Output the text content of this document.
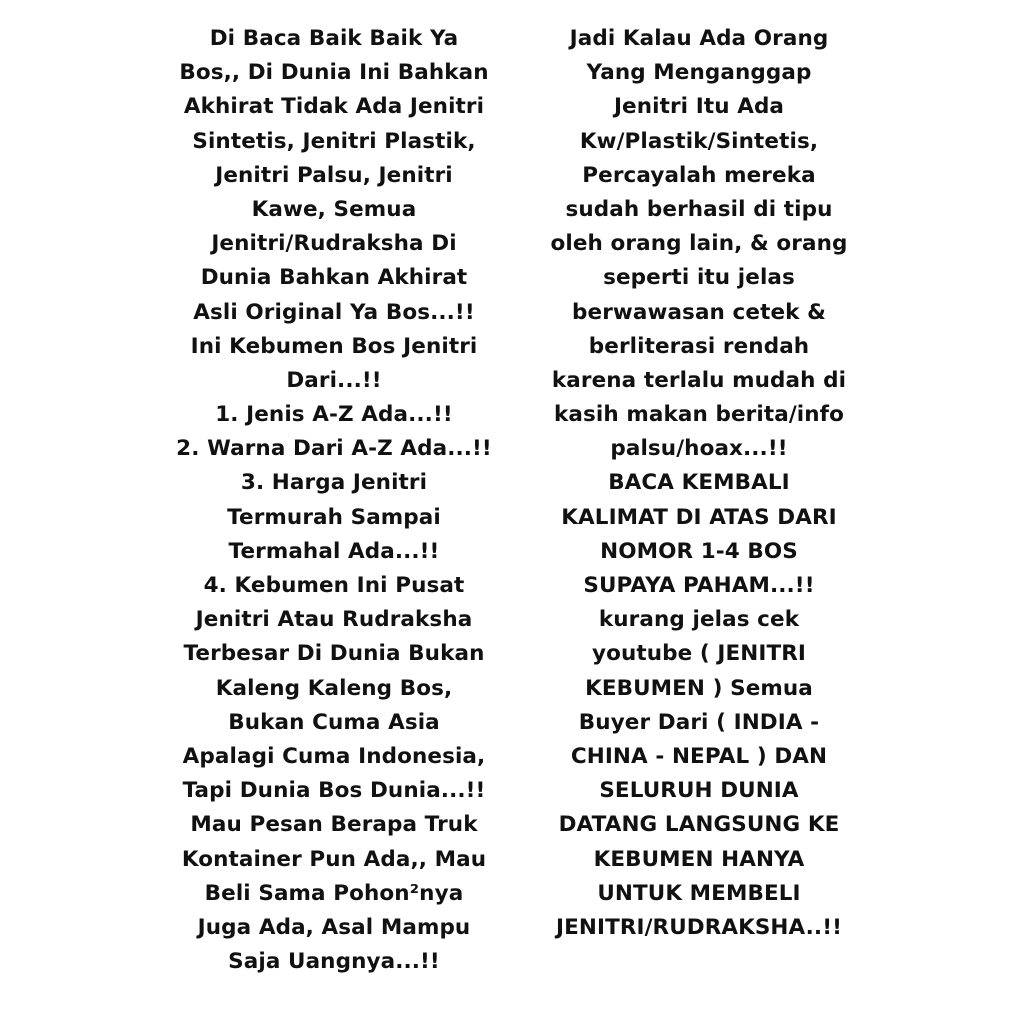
Di Baca Baik Baik Ya
Bos,, Di Dunia Ini Bahkan
Akhirat Tidak Ada Jenitri
Sintetis, Jenitri Plastik,
Jenitri Palsu, Jenitri
Kawe, Semua
Jenitri/Rudraksha Di
Dunia Bahkan Akhirat
Asli Original Ya Bos...!!
Ini Kebumen Bos Jenitri
Dari...!!
1. Jenis A-Z Ada...!!
2. Warna Dari A-Z Ada...!!
3. Harga Jenitri
Termurah Sampai
Termahal Ada...!!
4. Kebumen Ini Pusat
Jenitri Atau Rudraksha
Terbesar Di Dunia Bukan
Kaleng Kaleng Bos,
Bukan Cuma Asia
Apalagi Cuma Indonesia,
Tapi Dunia Bos Dunia...!!
Mau Pesan Berapa Truk
Kontainer Pun Ada,, Mau
Beli Sama Pohon²nya
Juga Ada, Asal Mampu
Saja Uangnya...!!
Jadi Kalau Ada Orang
Yang Menganggap
Jenitri Itu Ada
Kw/Plastik/Sintetis,
Percayalah mereka
sudah berhasil di tipu
oleh orang lain, & orang
seperti itu jelas
berwawasan cetek &
berliterasi rendah
karena terlalu mudah di
kasih makan berita/info
palsu/hoax...!!
BACA KEMBALI
KALIMAT DI ATAS DARI
NOMOR 1-4 BOS
SUPAYA PAHAM...!!
kurang jelas cek
youtube ( JENITRI
KEBUMEN ) Semua
Buyer Dari ( INDIA -
CHINA - NEPAL ) DAN
SELURUH DUNIA
DATANG LANGSUNG KE
KEBUMEN HANYA
UNTUK MEMBELI
JENITRI/RUDRAKSHA..!!
